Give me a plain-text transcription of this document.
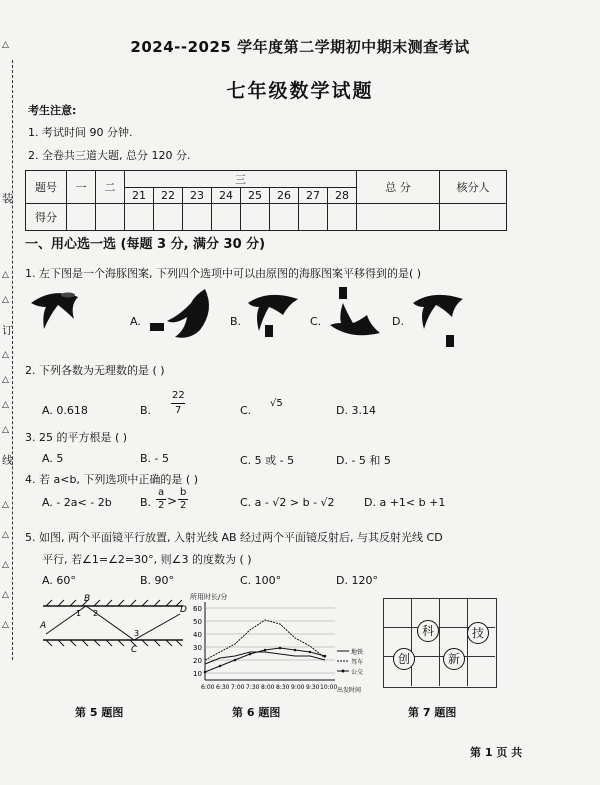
△
△
△
△
△
△
△
△
△
△
△
△
装
订
线
2024--2025 学年度第二学期初中期末测查考试
七年级数学试题
考生注意:
1. 考试时间 90 分钟.
2. 全卷共三道大题, 总分 120 分.
题号	一	二	三								总 分	核分人
			21	22	23	24	25	26	27	28		
得分												
一、用心选一选 (每题 3 分, 满分 30 分)
1. 左下图是一个海豚图案, 下列四个选项中可以由原图的海豚图案平移得到的是( )
A.	B.	C.	D.
2. 下列各数为无理数的是 ( )
A. 0.618	B.
22
7	C.
√5
D. 3.14
3. 25 的平方根是 ( )
A. 5	B. - 5	C. 5 或 - 5	D. - 5 和 5
4. 若 a<b, 下列选项中正确的是 ( )
A. - 2a< - 2b	B.
a
2 >
b
2	C. a - √2 > b - √2	D. a +1< b +1
5. 如图, 两个平面镜平行放置, 入射光线 AB 经过两个平面镜反射后, 与其反射光线 CD
平行, 若∠1=∠2=30°, 则∠3 的度数为 ( )
A. 60°	B. 90°	C. 100°	D. 120°
B
A
2
1
3
C
D
所用时长/分
60
50
40
30
20
10
6:00 6:30 7:00 7:30 8:00 8:30 9:00 9:30 10:00 出发时间
地铁
驾车
公交
科	技
创	新
第 5 题图	第 6 题图	第 7 题图
第 1 页 共
